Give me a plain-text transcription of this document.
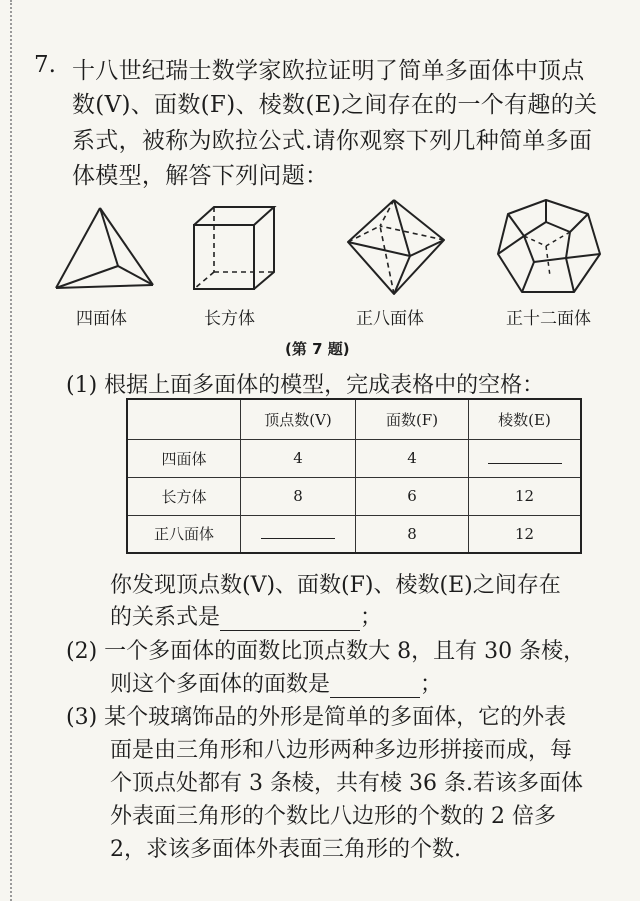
7. 十八世纪瑞士数学家欧拉证明了简单多面体中顶点
数(V)、面数(F)、棱数(E)之间存在的一个有趣的关
系式，被称为欧拉公式.请你观察下列几种简单多面
体模型，解答下列问题：
四面体	长方体	正八面体	正十二面体
(第 7 题)
(1) 根据上面多面体的模型，完成表格中的空格：
	顶点数(V)	面数(F)	棱数(E)
四面体	4	4	
长方体	8	6	12
正八面体		8	12
你发现顶点数(V)、面数(F)、棱数(E)之间存在
的关系式是	；
(2) 一个多面体的面数比顶点数大 8，且有 30 条棱，
则这个多面体的面数是	；
(3) 某个玻璃饰品的外形是简单的多面体，它的外表
面是由三角形和八边形两种多边形拼接而成，每
个顶点处都有 3 条棱，共有棱 36 条.若该多面体
外表面三角形的个数比八边形的个数的 2 倍多
2，求该多面体外表面三角形的个数.
